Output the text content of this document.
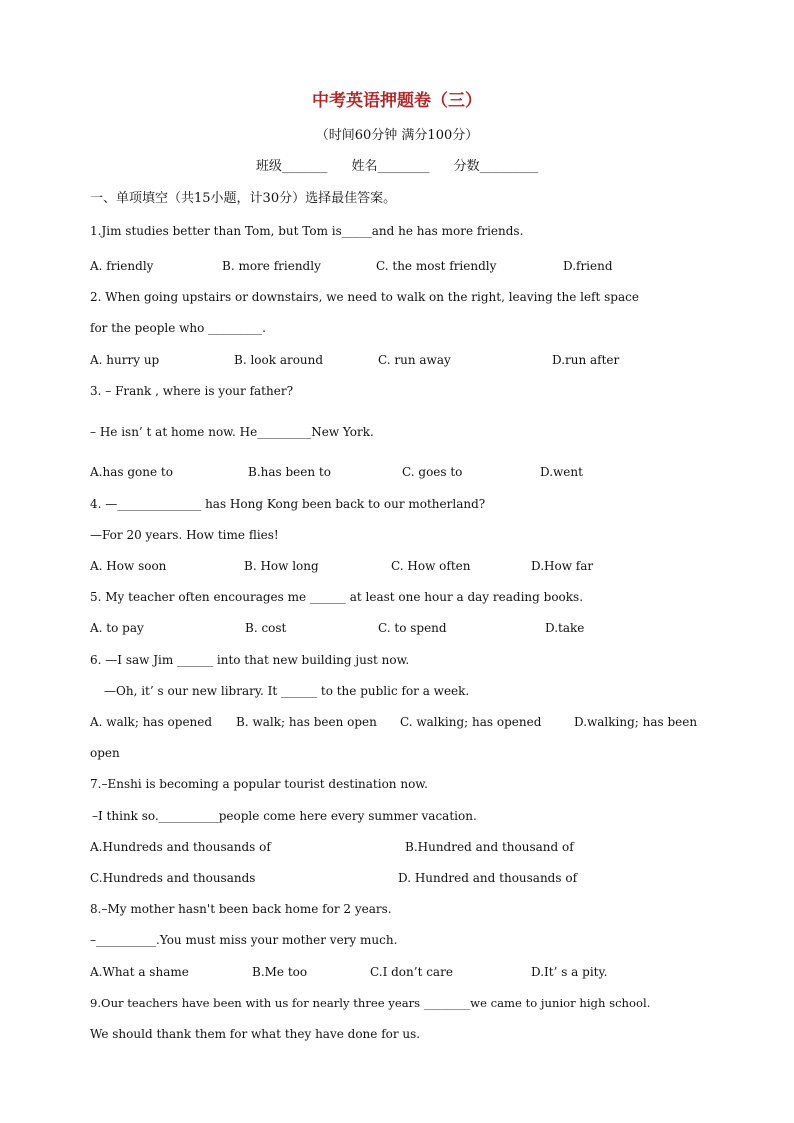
中考英语押题卷（三）
（时间60分钟 满分100分）
班级_______ 姓名________ 分数_________
一、单项填空（共15小题，计30分）选择最佳答案。
1.Jim studies better than Tom, but Tom is_____and he has more friends.
A. friendly	B. more friendly	C. the most friendly	D.friend
2. When going upstairs or downstairs, we need to walk on the right, leaving the left space
for the people who _________.
A. hurry up	B. look around	C. run away	D.run after
3. – Frank , where is your father?
– He isn’ t at home now. He_________New York.
A.has gone to	B.has been to	C. goes to	D.went
4. —______________ has Hong Kong been back to our motherland?
—For 20 years. How time flies!
A. How soon	B. How long	C. How often	D.How far
5. My teacher often encourages me ______ at least one hour a day reading books.
A. to pay	B. cost	C. to spend	D.take
6. —I saw Jim ______ into that new building just now.
—Oh, it’ s our new library. It ______ to the public for a week.
A. walk; has opened B. walk; has been open C. walking; has opened	D.walking; has been
open
7.–Enshi is becoming a popular tourist destination now.
–I think so.__________people come here every summer vacation.
A.Hundreds and thousands of	B.Hundred and thousand of
C.Hundreds and thousands	D. Hundred and thousands of
8.–My mother hasn't been back home for 2 years.
–__________.You must miss your mother very much.
A.What a shame	B.Me too	C.I don’t care	D.It’ s a pity.
9.Our teachers have been with us for nearly three years ________we came to junior high school.
We should thank them for what they have done for us.
